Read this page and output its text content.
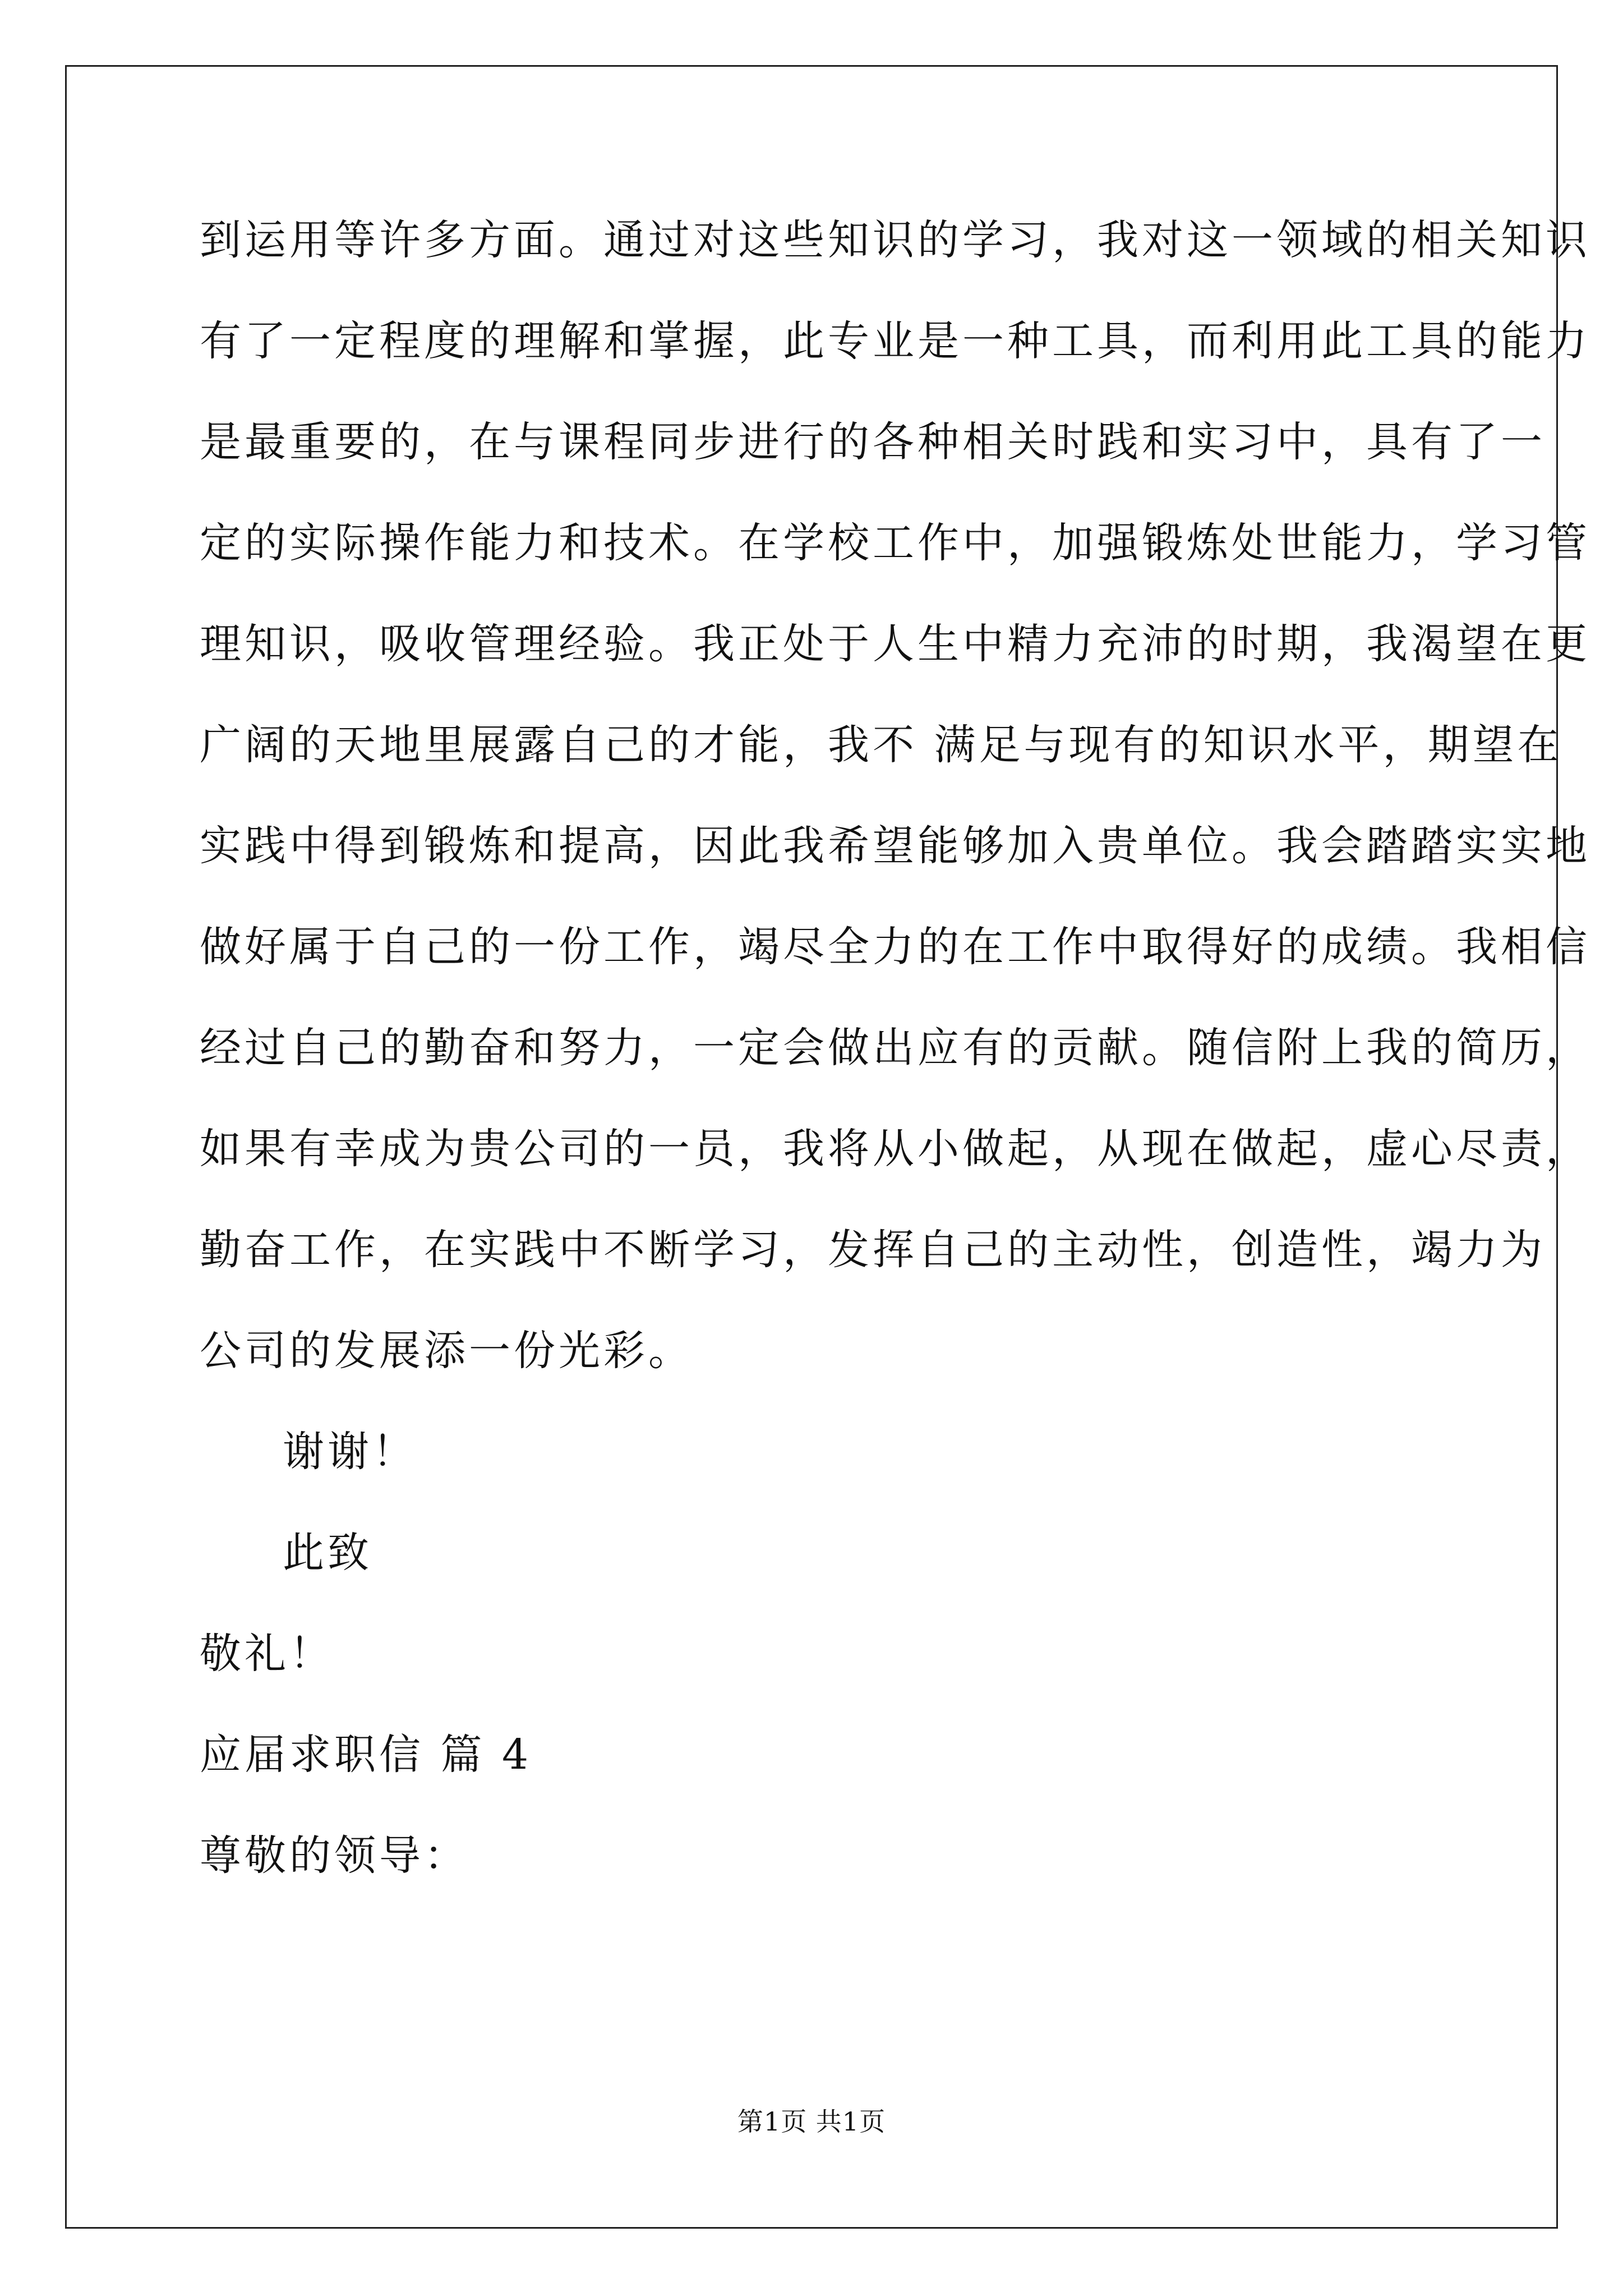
到运用等许多方面。通过对这些知识的学习，我对这一领域的相关知识
有了一定程度的理解和掌握，此专业是一种工具，而利用此工具的能力
是最重要的，在与课程同步进行的各种相关时践和实习中，具有了一
定的实际操作能力和技术。在学校工作中，加强锻炼处世能力，学习管
理知识，吸收管理经验。我正处于人生中精力充沛的时期，我渴望在更
广阔的天地里展露自己的才能，我不 满足与现有的知识水平，期望在
实践中得到锻炼和提高，因此我希望能够加入贵单位。我会踏踏实实地
做好属于自己的一份工作，竭尽全力的在工作中取得好的成绩。我相信
经过自己的勤奋和努力，一定会做出应有的贡献。随信附上我的简历，
如果有幸成为贵公司的一员，我将从小做起，从现在做起，虚心尽责，
勤奋工作，在实践中不断学习，发挥自己的主动性，创造性，竭力为
公司的发展添一份光彩。
谢谢！
此致
敬礼！
应届求职信 篇 4
尊敬的领导：
第1页 共1页
